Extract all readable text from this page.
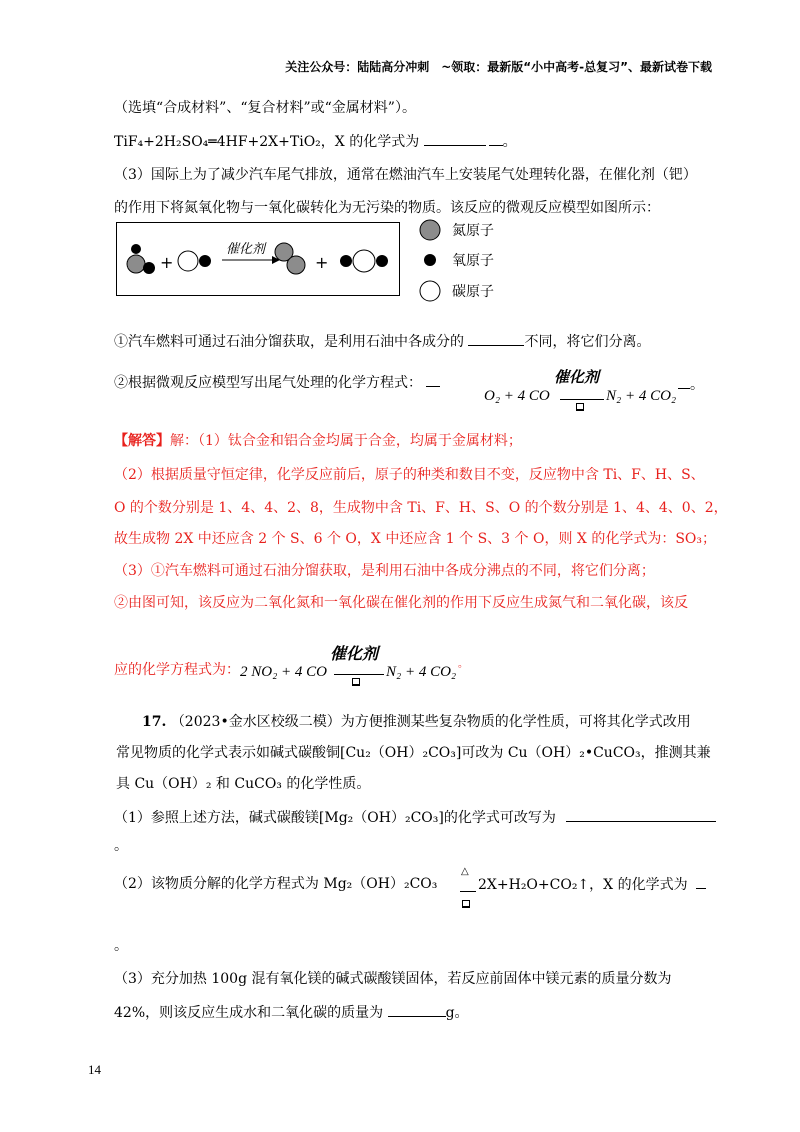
关注公众号：陆陆高分冲刺　~领取：最新版“小中高考-总复习”、最新试卷下载
（选填“合成材料”、“复合材料”或“金属材料”）。
TiF₄+2H₂SO₄═4HF+2X+TiO₂，X 的化学式为	。
（3）国际上为了减少汽车尾气排放，通常在燃油汽车上安装尾气处理转化器，在催化剂（钯）
的作用下将氮氧化物与一氧化碳转化为无污染的物质。该反应的微观反应模型如图所示：
+
催化剂
+
氮原子
氧原子
碳原子
①汽车燃料可通过石油分馏获取，是利用石油中各成分的	不同，将它们分离。
②根据微观反应模型写出尾气处理的化学方程式：	催化剂
O₂ + 4 CO	N₂ + 4 CO₂
。
【解答】解：（1）钛合金和铝合金均属于合金，均属于金属材料；
（2）根据质量守恒定律，化学反应前后，原子的种类和数目不变，反应物中含 Ti、F、H、S、
O 的个数分别是 1、4、4、2、8，生成物中含 Ti、F、H、S、O 的个数分别是 1、4、4、0、2，
故生成物 2X 中还应含 2 个 S、6 个 O，X 中还应含 1 个 S、3 个 O，则 X 的化学式为：SO₃；
（3）①汽车燃料可通过石油分馏获取，是利用石油中各成分沸点的不同，将它们分离；
②由图可知，该反应为二氧化氮和一氧化碳在催化剂的作用下反应生成氮气和二氧化碳，该反
应的化学方程式为：
催化剂
2 NO₂ + 4 CO	N₂ + 4 CO₂ 。
17. （2023•金水区校级二模）为方便推测某些复杂物质的化学性质，可将其化学式改用
常见物质的化学式表示如碱式碳酸铜[Cu₂（OH）₂CO₃]可改为 Cu（OH）₂•CuCO₃，推测其兼
具 Cu（OH）₂ 和 CuCO₃ 的化学性质。
（1）参照上述方法，碱式碳酸镁[Mg₂（OH）₂CO₃]的化学式可改写为
。
（2）该物质分解的化学方程式为 Mg₂（OH）₂CO₃
△
2X+H₂O+CO₂↑，X 的化学式为
。
（3）充分加热 100g 混有氧化镁的碱式碳酸镁固体，若反应前固体中镁元素的质量分数为
42%，则该反应生成水和二氧化碳的质量为	g。
14
